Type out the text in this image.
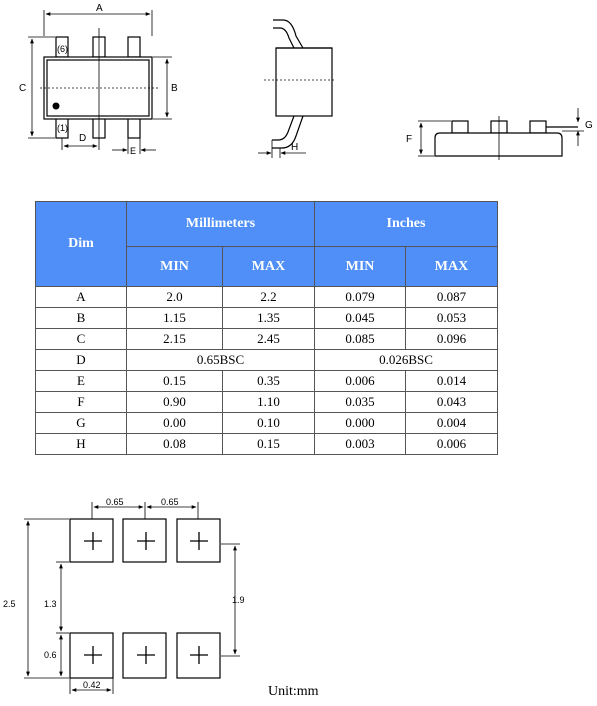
A
C	B
D
E
(6)
(1)
H
F
G
Dim	Millimeters		Inches	
	MIN	MAX	MIN	MAX
A	2.0	2.2	0.079	0.087
B	1.15	1.35	0.045	0.053
C	2.15	2.45	0.085	0.096
D	0.65BSC		0.026BSC	
E	0.15	0.35	0.006	0.014
F	0.90	1.10	0.035	0.043
G	0.00	0.10	0.000	0.004
H	0.08	0.15	0.003	0.006
0.65	0.65
2.5	1.3
0.6
0.42
1.9
Unit:mm
